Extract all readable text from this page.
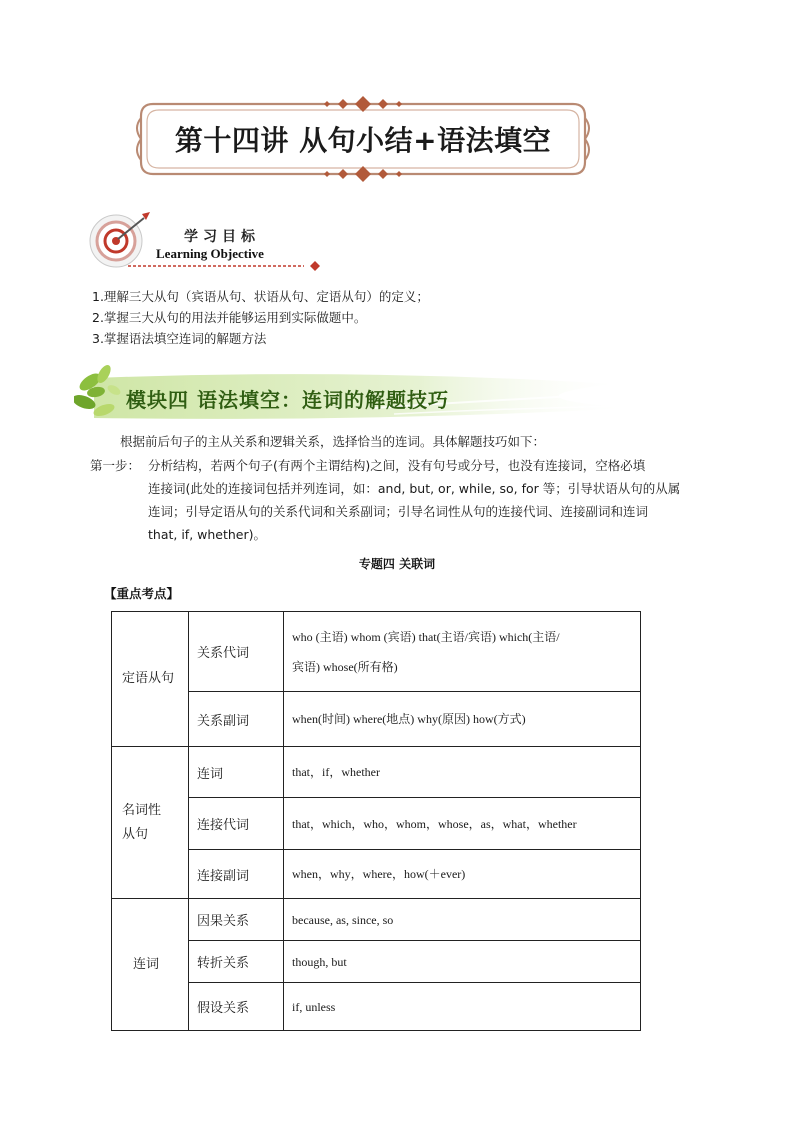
第十四讲 从句小结+语法填空
学习目标
Learning Objective
1.理解三大从句（宾语从句、状语从句、定语从句）的定义；
2.掌握三大从句的用法并能够运用到实际做题中。
3.掌握语法填空连词的解题方法
模块四 语法填空：连词的解题技巧
根据前后句子的主从关系和逻辑关系，选择恰当的连词。具体解题技巧如下：
第一步： 分析结构，若两个句子(有两个主谓结构)之间，没有句号或分号，也没有连接词，空格必填
连接词(此处的连接词包括并列连词，如：and, but, or, while, so, for 等；引导状语从句的从属
连词；引导定语从句的关系代词和关系副词；引导名词性从句的连接代词、连接副词和连词
that, if, whether)。
专题四 关联词
【重点考点】
定语从句	关系代词	who (主语) whom (宾语) that(主语/宾语) which(主语/
宾语) whose(所有格)

	关系副词	when(时间) where(地点) why(原因) how(方式)

名词性
从句	连词	that，if，whether
	连接代词	that，which，who，whom，whose，as，what，whether
	连接副词	when，why，where，how(＋ever)
连词	因果关系	because, as, since, so
	转折关系	though, but
	假设关系	if, unless
